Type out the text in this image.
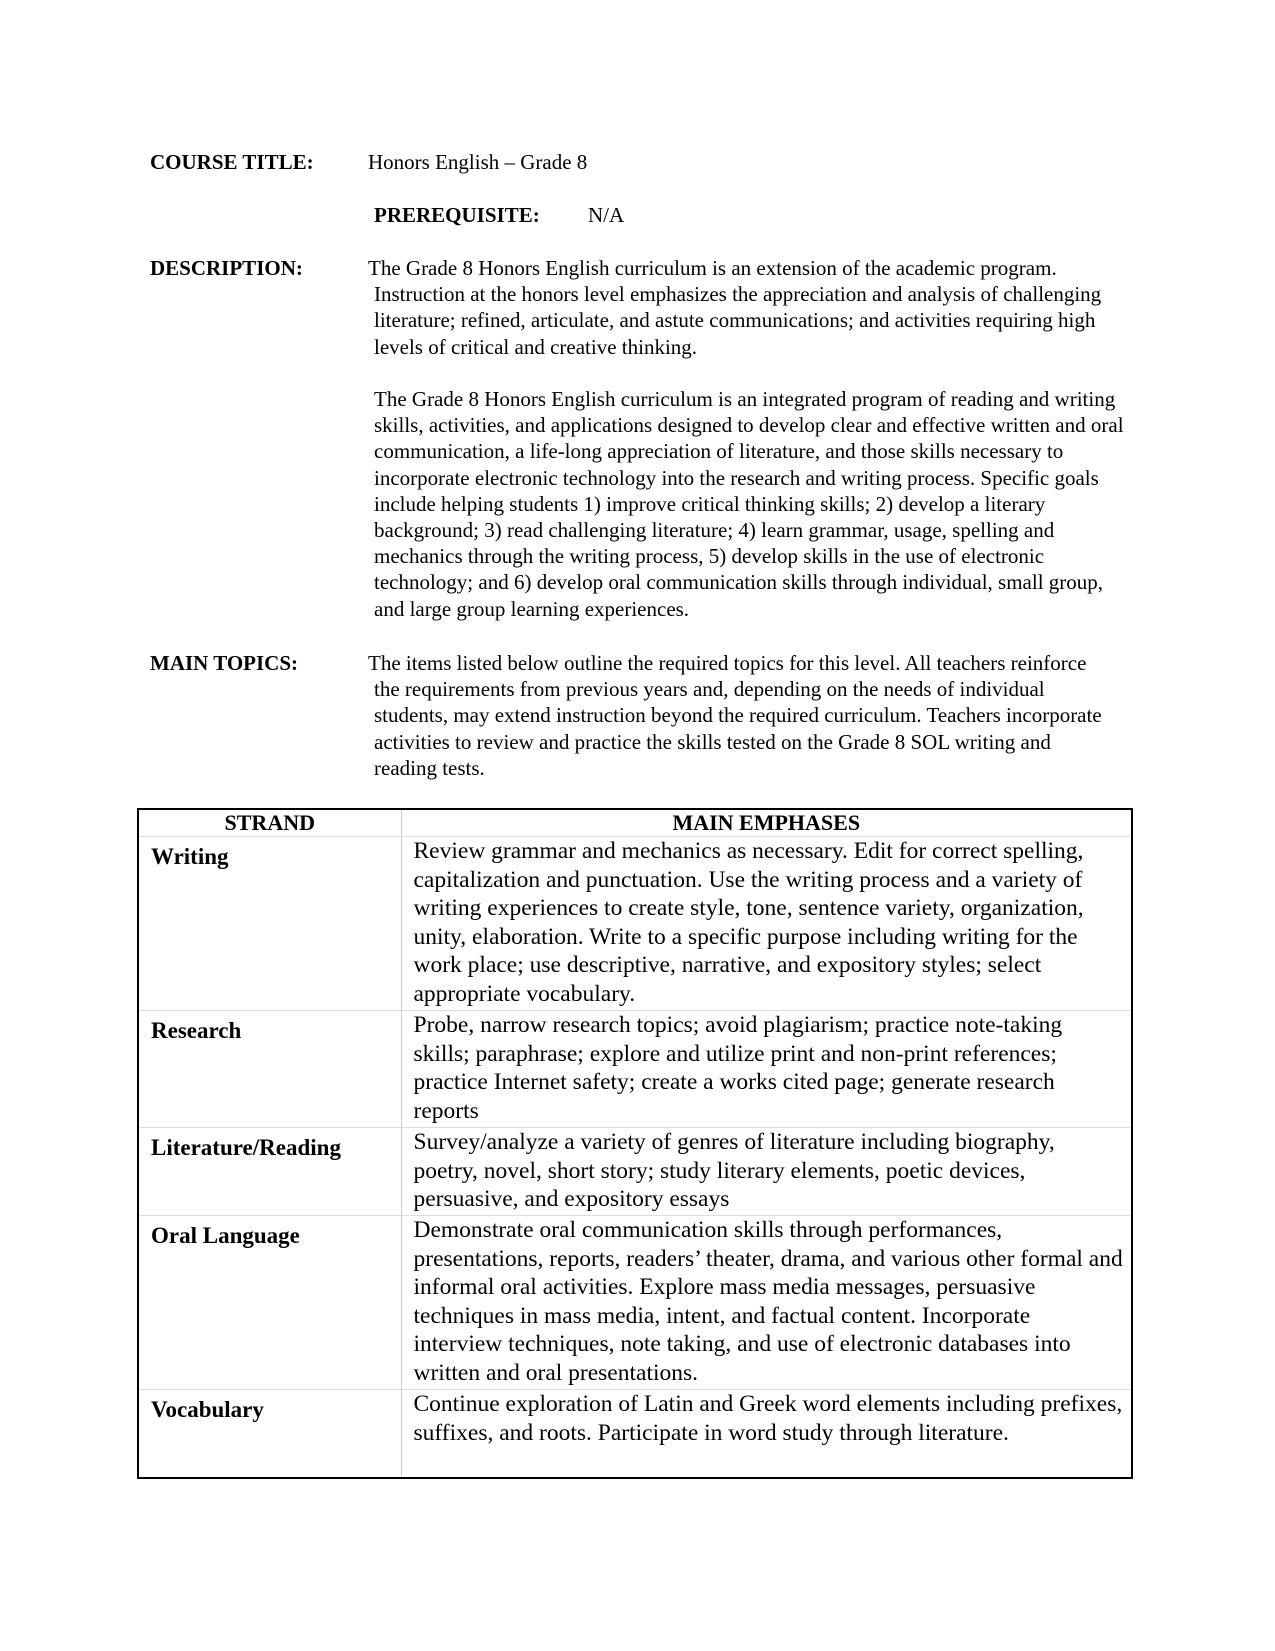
COURSE TITLE:	Honors English – Grade 8
PREREQUISITE: N/A
DESCRIPTION:	The Grade 8 Honors English curriculum is an extension of the academic program. Instruction at the honors level emphasizes the appreciation and analysis of challenging literature; refined, articulate, and astute communications; and activities requiring high levels of critical and creative thinking.
The Grade 8 Honors English curriculum is an integrated program of reading and writing skills, activities, and applications designed to develop clear and effective written and oral communication, a life-long appreciation of literature, and those skills necessary to incorporate electronic technology into the research and writing process. Specific goals include helping students 1) improve critical thinking skills; 2) develop a literary background; 3) read challenging literature; 4) learn grammar, usage, spelling and mechanics through the writing process, 5) develop skills in the use of electronic technology; and 6) develop oral communication skills through individual, small group, and large group learning experiences.
MAIN TOPICS:	The items listed below outline the required topics for this level. All teachers reinforce the requirements from previous years and, depending on the needs of individual students, may extend instruction beyond the required curriculum. Teachers incorporate activities to review and practice the skills tested on the Grade 8 SOL writing and reading tests.
STRAND	MAIN EMPHASES
Writing	Review grammar and mechanics as necessary. Edit for correct spelling, capitalization and punctuation. Use the writing process and a variety of writing experiences to create style, tone, sentence variety, organization, unity, elaboration. Write to a specific purpose including writing for the work place; use descriptive, narrative, and expository styles; select appropriate vocabulary.
Research	Probe, narrow research topics; avoid plagiarism; practice note-taking skills; paraphrase; explore and utilize print and non-print references; practice Internet safety; create a works cited page; generate research reports
Literature/Reading	Survey/analyze a variety of genres of literature including biography, poetry, novel, short story; study literary elements, poetic devices, persuasive, and expository essays
Oral Language	Demonstrate oral communication skills through performances, presentations, reports, readers’ theater, drama, and various other formal and informal oral activities. Explore mass media messages, persuasive techniques in mass media, intent, and factual content. Incorporate interview techniques, note taking, and use of electronic databases into written and oral presentations.
Vocabulary	Continue exploration of Latin and Greek word elements including prefixes, suffixes, and roots. Participate in word study through literature.
